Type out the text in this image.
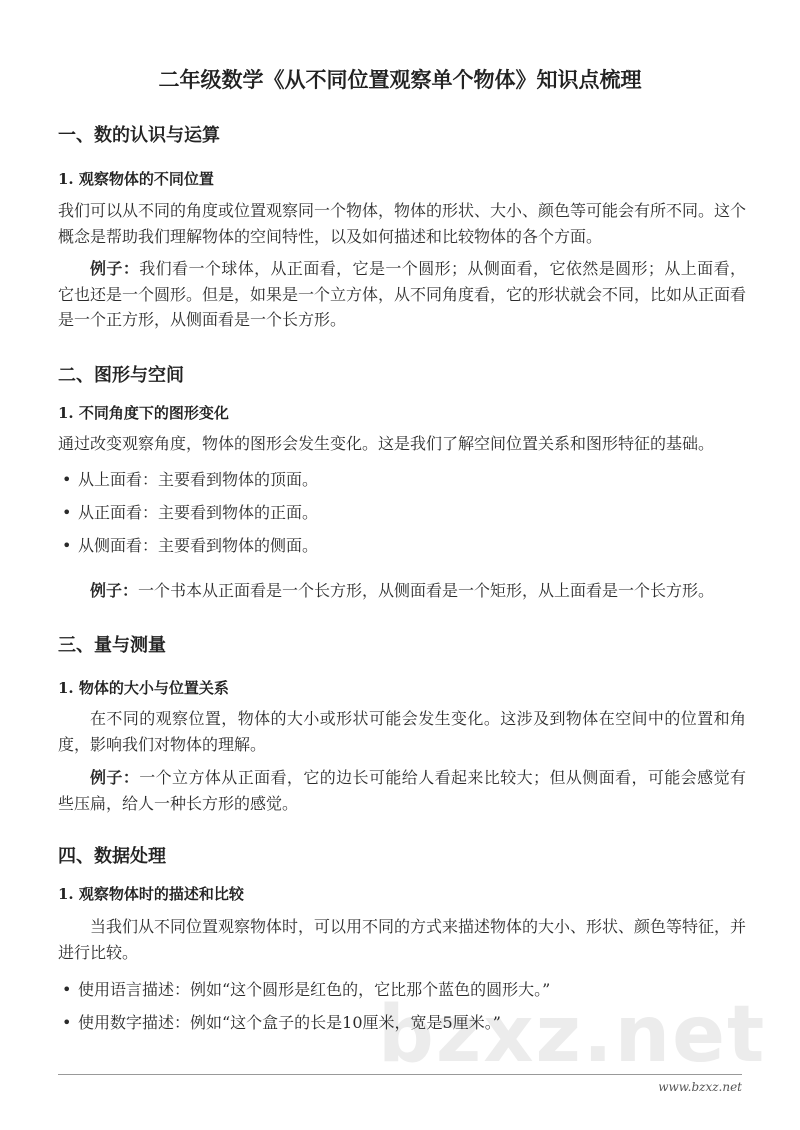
二年级数学《从不同位置观察单个物体》知识点梳理
一、数的认识与运算
1. 观察物体的不同位置
我们可以从不同的角度或位置观察同一个物体，物体的形状、大小、颜色等可能会有所不同。这个概念是帮助我们理解物体的空间特性，以及如何描述和比较物体的各个方面。
例子：我们看一个球体，从正面看，它是一个圆形；从侧面看，它依然是圆形；从上面看，它也还是一个圆形。但是，如果是一个立方体，从不同角度看，它的形状就会不同，比如从正面看是一个正方形，从侧面看是一个长方形。
二、图形与空间
1. 不同角度下的图形变化
通过改变观察角度，物体的图形会发生变化。这是我们了解空间位置关系和图形特征的基础。
• 从上面看：主要看到物体的顶面。
• 从正面看：主要看到物体的正面。
• 从侧面看：主要看到物体的侧面。
例子：一个书本从正面看是一个长方形，从侧面看是一个矩形，从上面看是一个长方形。
三、量与测量
1. 物体的大小与位置关系
在不同的观察位置，物体的大小或形状可能会发生变化。这涉及到物体在空间中的位置和角度，影响我们对物体的理解。
例子：一个立方体从正面看，它的边长可能给人看起来比较大；但从侧面看，可能会感觉有些压扁，给人一种长方形的感觉。
bzxz.net
四、数据处理
1. 观察物体时的描述和比较
当我们从不同位置观察物体时，可以用不同的方式来描述物体的大小、形状、颜色等特征，并进行比较。
• 使用语言描述：例如“这个圆形是红色的，它比那个蓝色的圆形大。”
• 使用数字描述：例如“这个盒子的长是10厘米，宽是5厘米。”
www.bzxz.net
